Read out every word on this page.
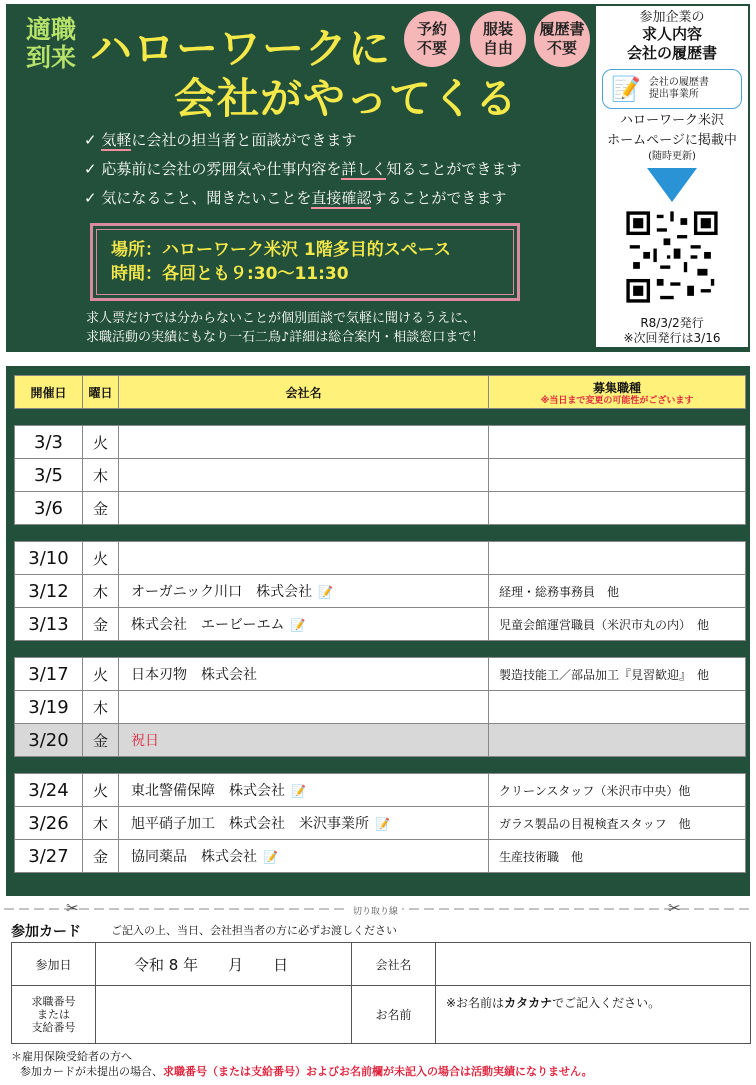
適職
到来 ハローワークに
会社がやってくる
予約
不要
服装
自由
履歴書
不要
✓ 気軽に会社の担当者と面談ができます
✓ 応募前に会社の雰囲気や仕事内容を詳しく知ることができます
✓ 気になること、聞きたいことを直接確認することができます
場所：ハローワーク米沢 1階多目的スペース
時間：各回とも９:30～11:30
求人票だけでは分からないことが個別面談で気軽に聞けるうえに、
求職活動の実績にもなり一石二鳥♪詳細は総合案内・相談窓口まで！
参加企業の
求人内容
会社の履歴書
📝 会社の履歴書
提出事業所
ハローワーク米沢
ホームページに掲載中
(随時更新)
R8/3/2発行
※次回発行は3/16
開催日	曜日	会社名	募集職種
※当日まで変更の可能性がございます

3/3	火		
3/5	木		
3/6	金		

3/10	火		
3/12	木	オーガニック川口　株式会社 📝	経理・総務事務員　他
3/13	金	株式会社　エービーエム 📝	児童会館運営職員（米沢市丸の内）　他

3/17	火	日本刃物　株式会社	製造技能工／部品加工『見習歓迎』　他
3/19	木		
3/20	金	祝日	

3/24	火	東北警備保障　株式会社 📝	クリーンスタッフ（米沢市中央）他
3/26	木	旭平硝子加工　株式会社　米沢事業所 📝	ガラス製品の目視検査スタッフ　他
3/27	金	協同薬品　株式会社 📝	生産技術職　他
✂	✂
切り取り線
参加カード	ご記入の上、当日、会社担当者の方に必ずお渡しください
参加日	令和 8 年　　月　　日	会社名	
求職番号
または
支給番号		お名前	※お名前はカタカナでご記入ください。
＊雇用保険受給者の方へ
参加カードが未提出の場合、求職番号（または支給番号）およびお名前欄が未記入の場合は活動実績になりません。
